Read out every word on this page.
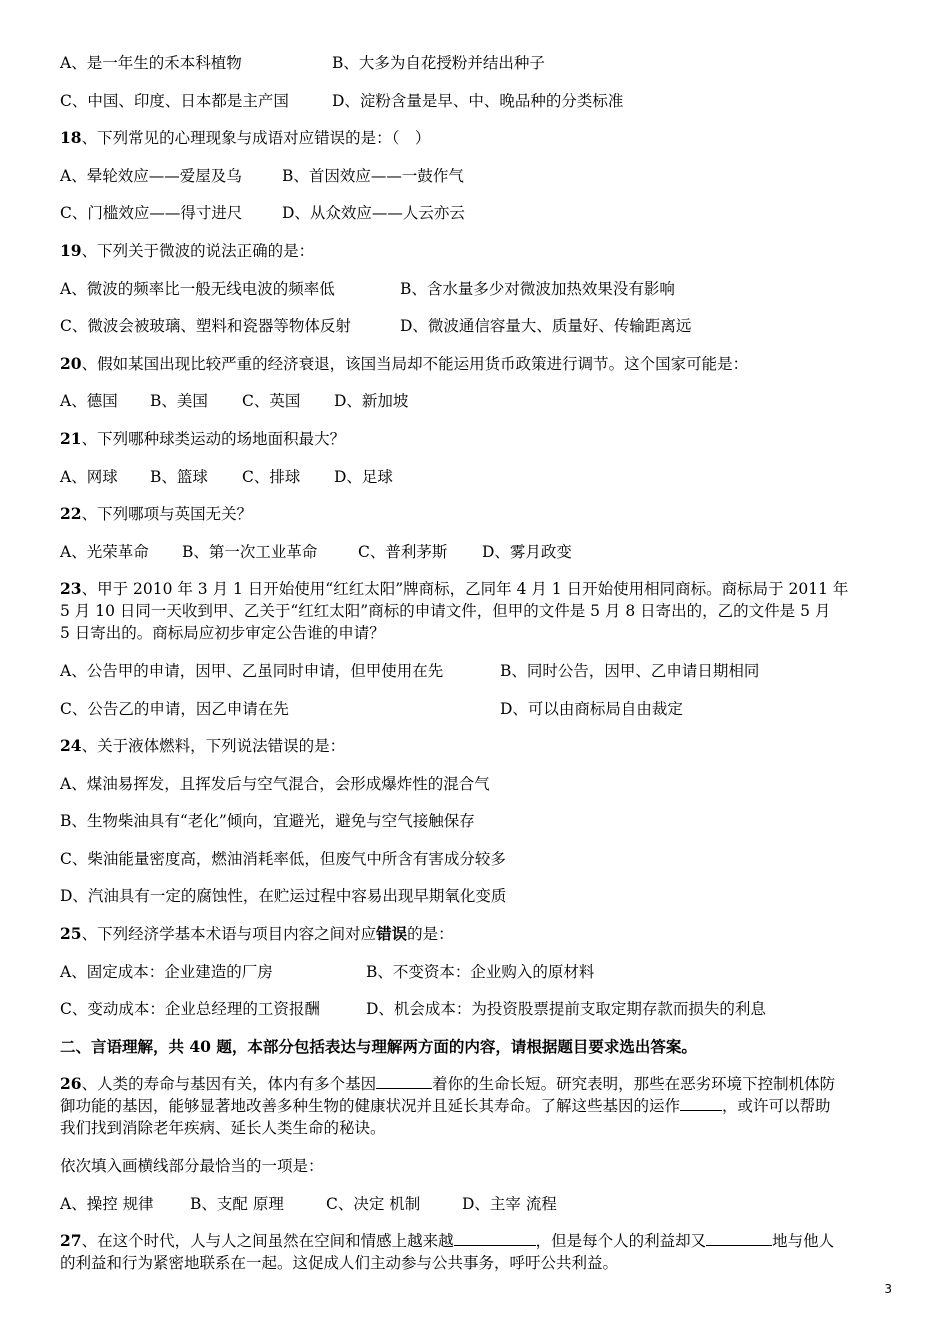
A、是一年生的禾本科植物	B、大多为自花授粉并结出种子
C、中国、印度、日本都是主产国	D、淀粉含量是早、中、晚品种的分类标准
18、下列常见的心理现象与成语对应错误的是：（　）
A、晕轮效应——爱屋及乌	B、首因效应——一鼓作气
C、门槛效应——得寸进尺	D、从众效应——人云亦云
19、下列关于微波的说法正确的是：
A、微波的频率比一般无线电波的频率低	B、含水量多少对微波加热效果没有影响
C、微波会被玻璃、塑料和瓷器等物体反射	D、微波通信容量大、质量好、传输距离远
20、假如某国出现比较严重的经济衰退，该国当局却不能运用货币政策进行调节。这个国家可能是：
A、德国 B、美国 C、英国 D、新加坡
21、下列哪种球类运动的场地面积最大？
A、网球 B、篮球 C、排球 D、足球
22、下列哪项与英国无关？
A、光荣革命 B、第一次工业革命	C、普利茅斯 D、雾月政变
23、甲于 2010 年 3 月 1 日开始使用“红红太阳”牌商标，乙同年 4 月 1 日开始使用相同商标。商标局于 2011 年
5 月 10 日同一天收到甲、乙关于“红红太阳”商标的申请文件，但甲的文件是 5 月 8 日寄出的，乙的文件是 5 月
5 日寄出的。商标局应初步审定公告谁的申请？
A、公告甲的申请，因甲、乙虽同时申请，但甲使用在先	B、同时公告，因甲、乙申请日期相同
C、公告乙的申请，因乙申请在先	D、可以由商标局自由裁定
24、关于液体燃料，下列说法错误的是：
A、煤油易挥发，且挥发后与空气混合，会形成爆炸性的混合气
B、生物柴油具有“老化”倾向，宜避光，避免与空气接触保存
C、柴油能量密度高，燃油消耗率低，但废气中所含有害成分较多
D、汽油具有一定的腐蚀性，在贮运过程中容易出现早期氧化变质
25、下列经济学基本术语与项目内容之间对应错误的是：
A、固定成本：企业建造的厂房	B、不变资本：企业购入的原材料
C、变动成本：企业总经理的工资报酬	D、机会成本：为投资股票提前支取定期存款而损失的利息
二、言语理解，共 40 题，本部分包括表达与理解两方面的内容，请根据题目要求选出答案。
26、人类的寿命与基因有关，体内有多个基因	着你的生命长短。研究表明，那些在恶劣环境下控制机体防
御功能的基因，能够显著地改善多种生物的健康状况并且延长其寿命。了解这些基因的运作	，或许可以帮助
我们找到消除老年疾病、延长人类生命的秘诀。
依次填入画横线部分最恰当的一项是：
A、操控 规律 B、支配 原理	C、决定 机制	D、主宰 流程
27、在这个时代，人与人之间虽然在空间和情感上越来越	，但是每个人的利益却又	地与他人
的利益和行为紧密地联系在一起。这促成人们主动参与公共事务，呼吁公共利益。
3
